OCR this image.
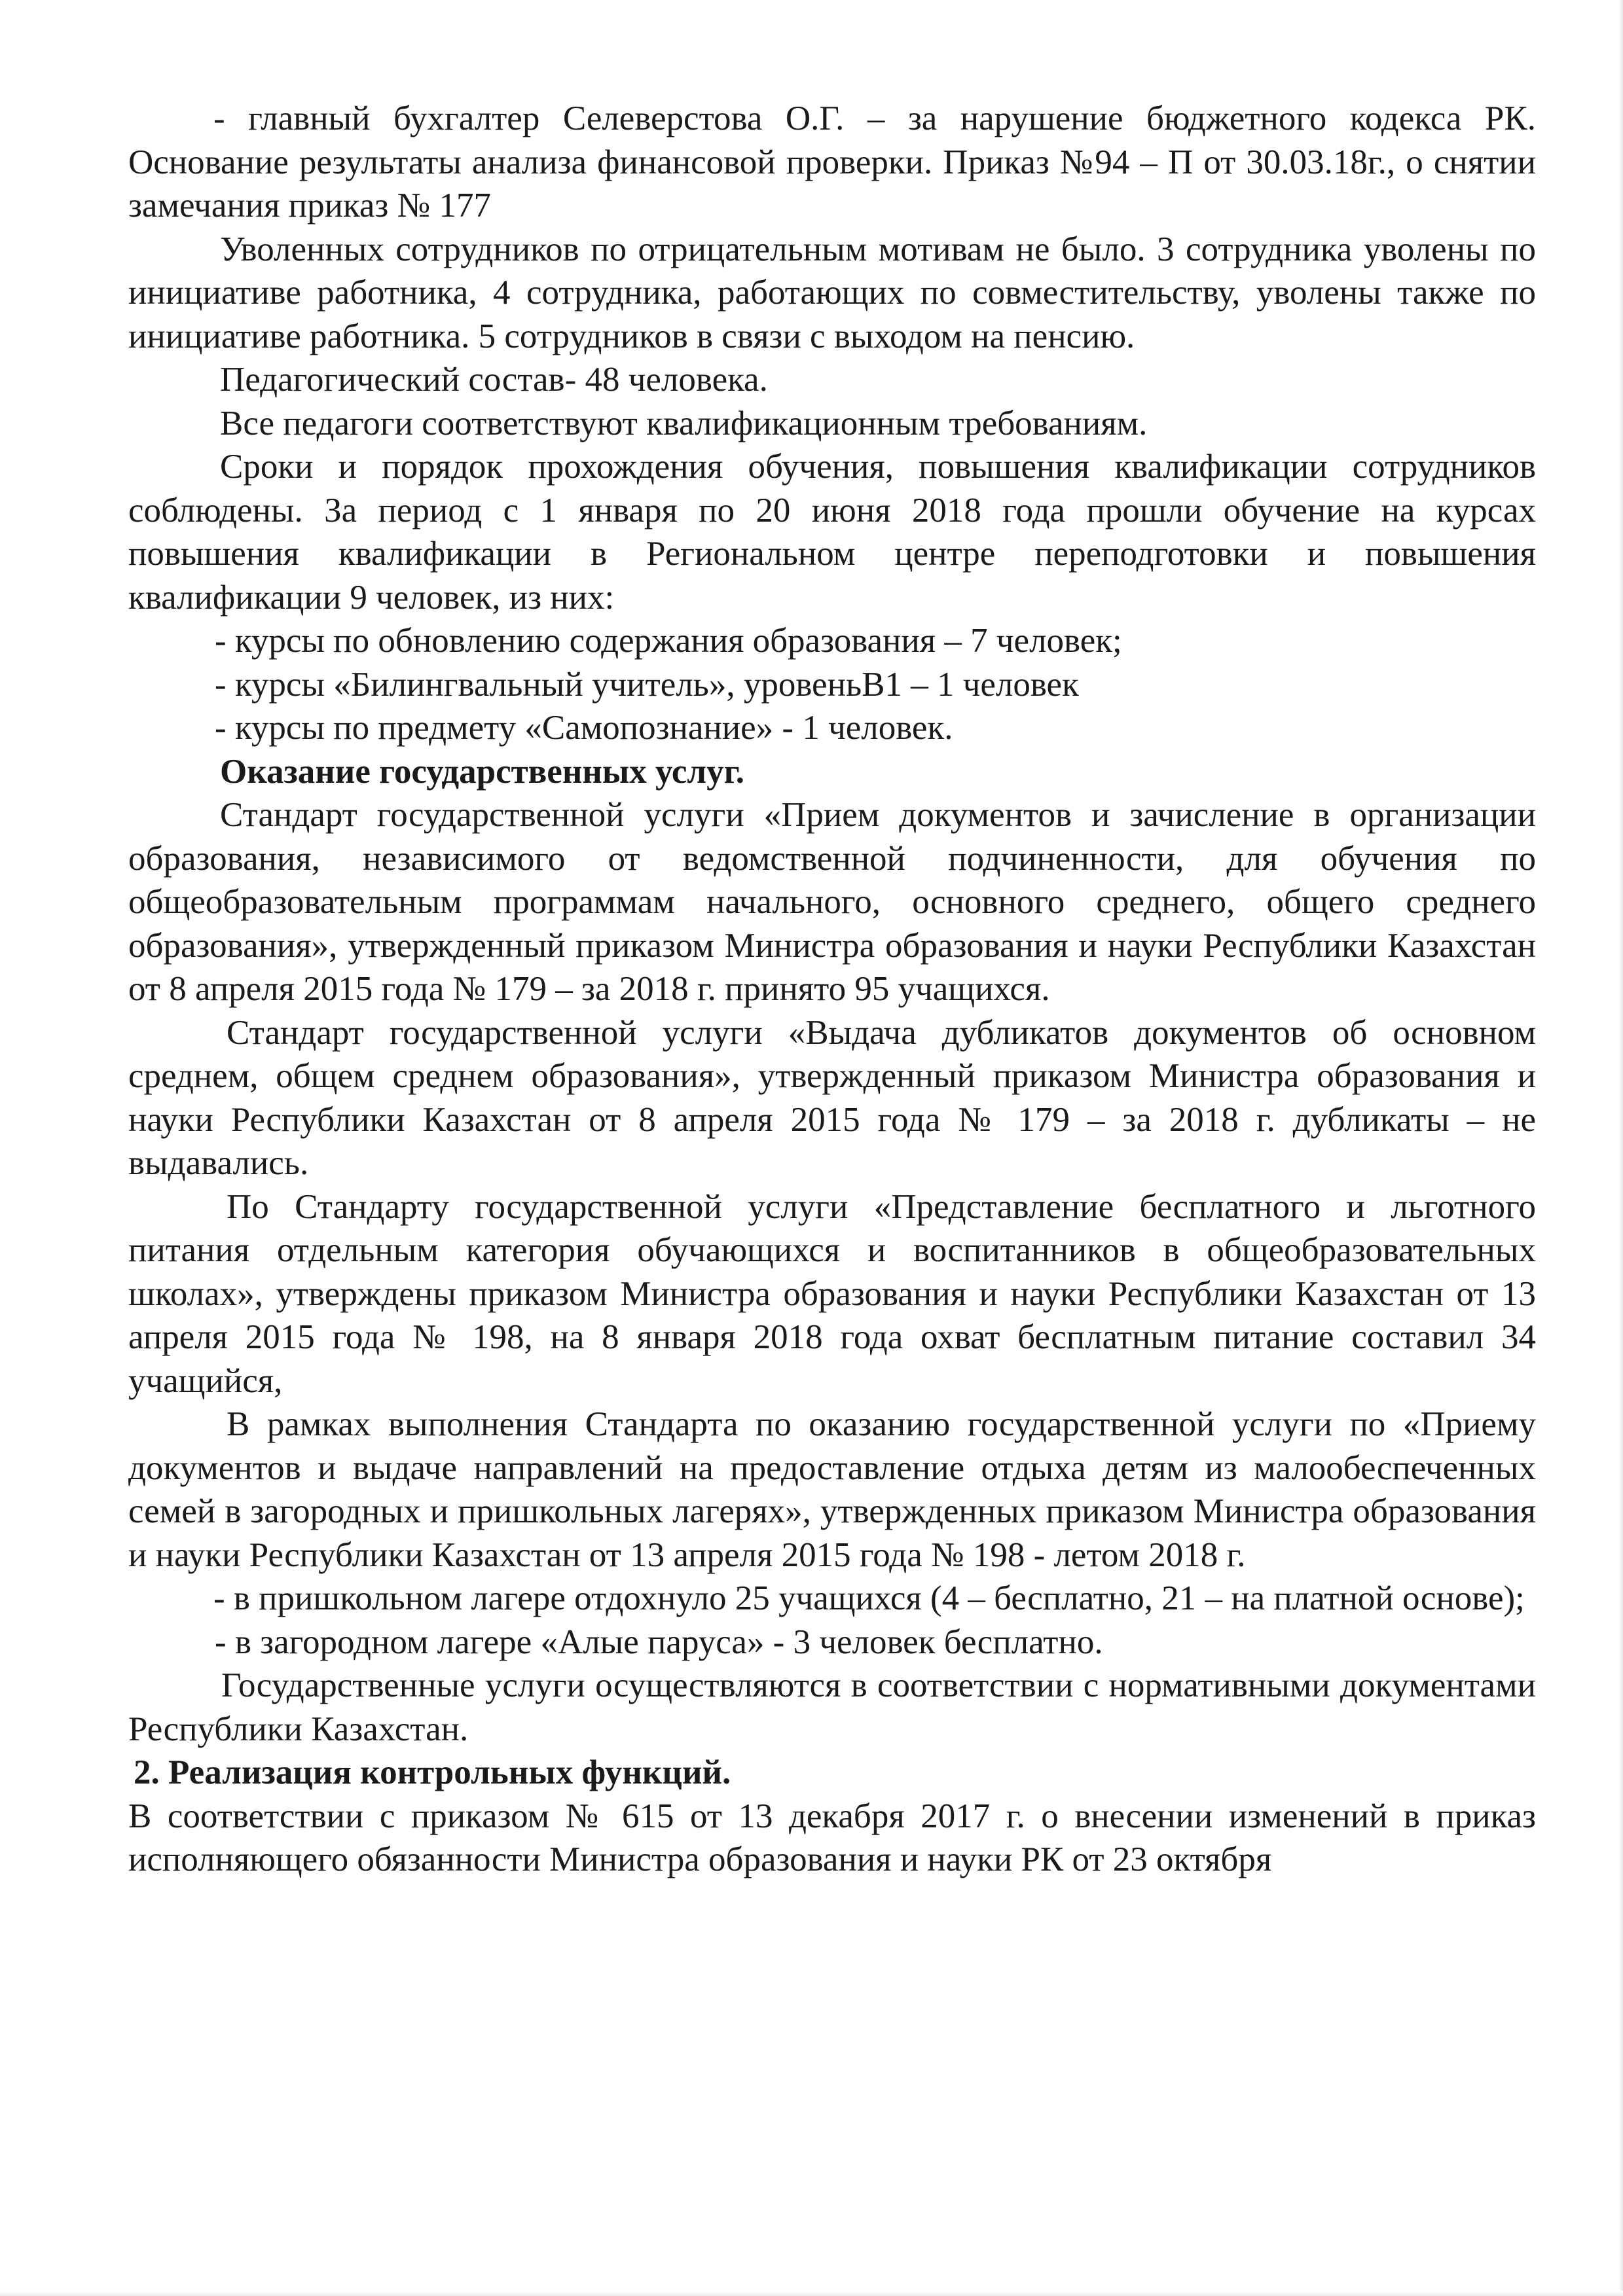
- главный бухгалтер Селеверстова О.Г. – за нарушение бюджетного кодекса РК. Основание результаты анализа финансовой проверки. Приказ №94 – П от 30.03.18г., о снятии замечания приказ № 177

Уволенных сотрудников по отрицательным мотивам не было. 3 сотрудника уволены по инициативе работника, 4 сотрудника, работающих по совместительству, уволены также по инициативе работника. 5 сотрудников в связи с выходом на пенсию.

Педагогический состав- 48 человека.

Все педагоги соответствуют квалификационным требованиям.

Сроки и порядок прохождения обучения, повышения квалификации сотрудников соблюдены. За период с 1 января по 20 июня 2018 года прошли обучение на курсах повышения квалификации в Региональном центре переподготовки и повышения квалификации 9 человек, из них:

- курсы по обновлению содержания образования – 7 человек;

- курсы «Билингвальный учитель», уровеньВ1 – 1 человек

- курсы по предмету «Самопознание» - 1 человек.

Оказание государственных услуг.

Стандарт государственной услуги «Прием документов и зачисление в организации образования, независимого от ведомственной подчиненности, для обучения по общеобразовательным программам начального, основного среднего, общего среднего образования», утвержденный приказом Министра образования и науки Республики Казахстан от 8 апреля 2015 года № 179 – за 2018 г. принято 95 учащихся.

Стандарт государственной услуги «Выдача дубликатов документов об основном среднем, общем среднем образования», утвержденный приказом Министра образования и науки Республики Казахстан от 8 апреля 2015 года № 179 – за 2018 г. дубликаты – не выдавались.

По Стандарту государственной услуги «Представление бесплатного и льготного питания отдельным категория обучающихся и воспитанников в общеобразовательных школах», утверждены приказом Министра образования и науки Республики Казахстан от 13 апреля 2015 года № 198, на 8 января 2018 года охват бесплатным питание составил 34 учащийся,

В рамках выполнения Стандарта по оказанию государственной услуги по «Приему документов и выдаче направлений на предоставление отдыха детям из малообеспеченных семей в загородных и пришкольных лагерях», утвержденных приказом Министра образования и науки Республики Казахстан от 13 апреля 2015 года № 198 - летом 2018 г.

- в пришкольном лагере отдохнуло 25 учащихся (4 – бесплатно, 21 – на платной основе);

- в загородном лагере «Алые паруса» - 3 человек бесплатно.

Государственные услуги осуществляются в соответствии с нормативными документами Республики Казахстан.

2. Реализация контрольных функций.

В соответствии с приказом № 615 от 13 декабря 2017 г. о внесении изменений в приказ исполняющего обязанности Министра образования и науки РК от 23 октября
